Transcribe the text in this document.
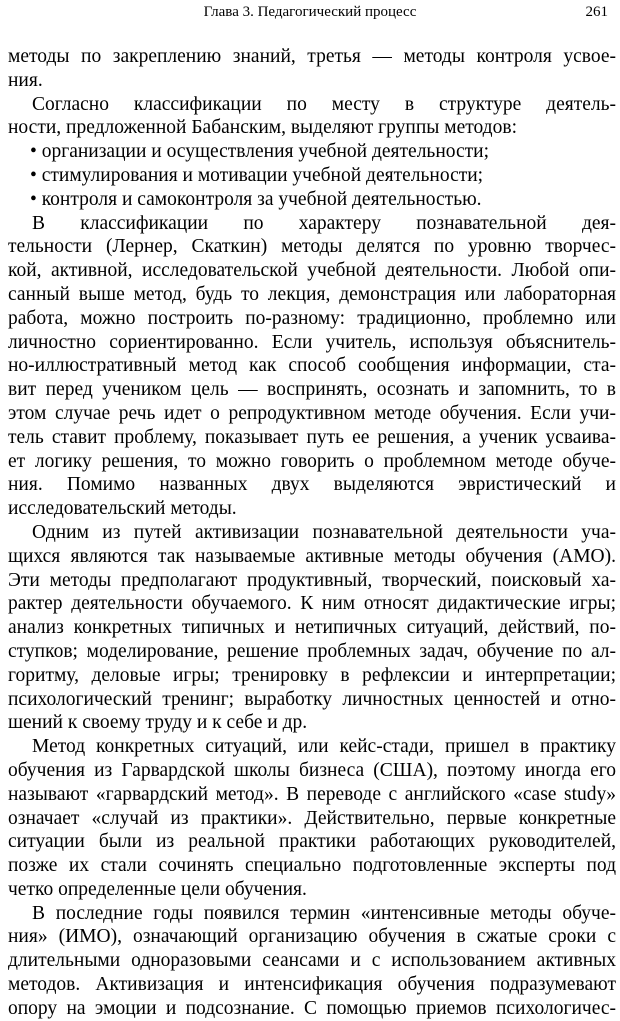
Глава 3. Педагогический процесс	261
методы по закреплению знаний, третья — методы контроля усвое-
ния.
Согласно классификации по месту в структуре деятель-
ности, предложенной Бабанским, выделяют группы методов:
• организации и осуществления учебной деятельности;
• стимулирования и мотивации учебной деятельности;
• контроля и самоконтроля за учебной деятельностью.
В классификации по характеру познавательной дея-
тельности (Лернер, Скаткин) методы делятся по уровню творчес-
кой, активной, исследовательской учебной деятельности. Любой опи-
санный выше метод, будь то лекция, демонстрация или лабораторная
работа, можно построить по-разному: традиционно, проблемно или
личностно сориентированно. Если учитель, используя объяснитель-
но-иллюстративный метод как способ сообщения информации, ста-
вит перед учеником цель — воспринять, осознать и запомнить, то в
этом случае речь идет о репродуктивном методе обучения. Если учи-
тель ставит проблему, показывает путь ее решения, а ученик усваива-
ет логику решения, то можно говорить о проблемном методе обуче-
ния. Помимо названных двух выделяются эвристический и
исследовательский методы.
Одним из путей активизации познавательной деятельности уча-
щихся являются так называемые активные методы обучения (АМО).
Эти методы предполагают продуктивный, творческий, поисковый ха-
рактер деятельности обучаемого. К ним относят дидактические игры;
анализ конкретных типичных и нетипичных ситуаций, действий, по-
ступков; моделирование, решение проблемных задач, обучение по ал-
горитму, деловые игры; тренировку в рефлексии и интерпретации;
психологический тренинг; выработку личностных ценностей и отно-
шений к своему труду и к себе и др.
Метод конкретных ситуаций, или кейс-стади, пришел в практику
обучения из Гарвардской школы бизнеса (США), поэтому иногда его
называют «гарвардский метод». В переводе с английского «case study»
означает «случай из практики». Действительно, первые конкретные
ситуации были из реальной практики работающих руководителей,
позже их стали сочинять специально подготовленные эксперты под
четко определенные цели обучения.
В последние годы появился термин «интенсивные методы обуче-
ния» (ИМО), означающий организацию обучения в сжатые сроки с
длительными одноразовыми сеансами и с использованием активных
методов. Активизация и интенсификация обучения подразумевают
опору на эмоции и подсознание. С помощью приемов психологичес-
